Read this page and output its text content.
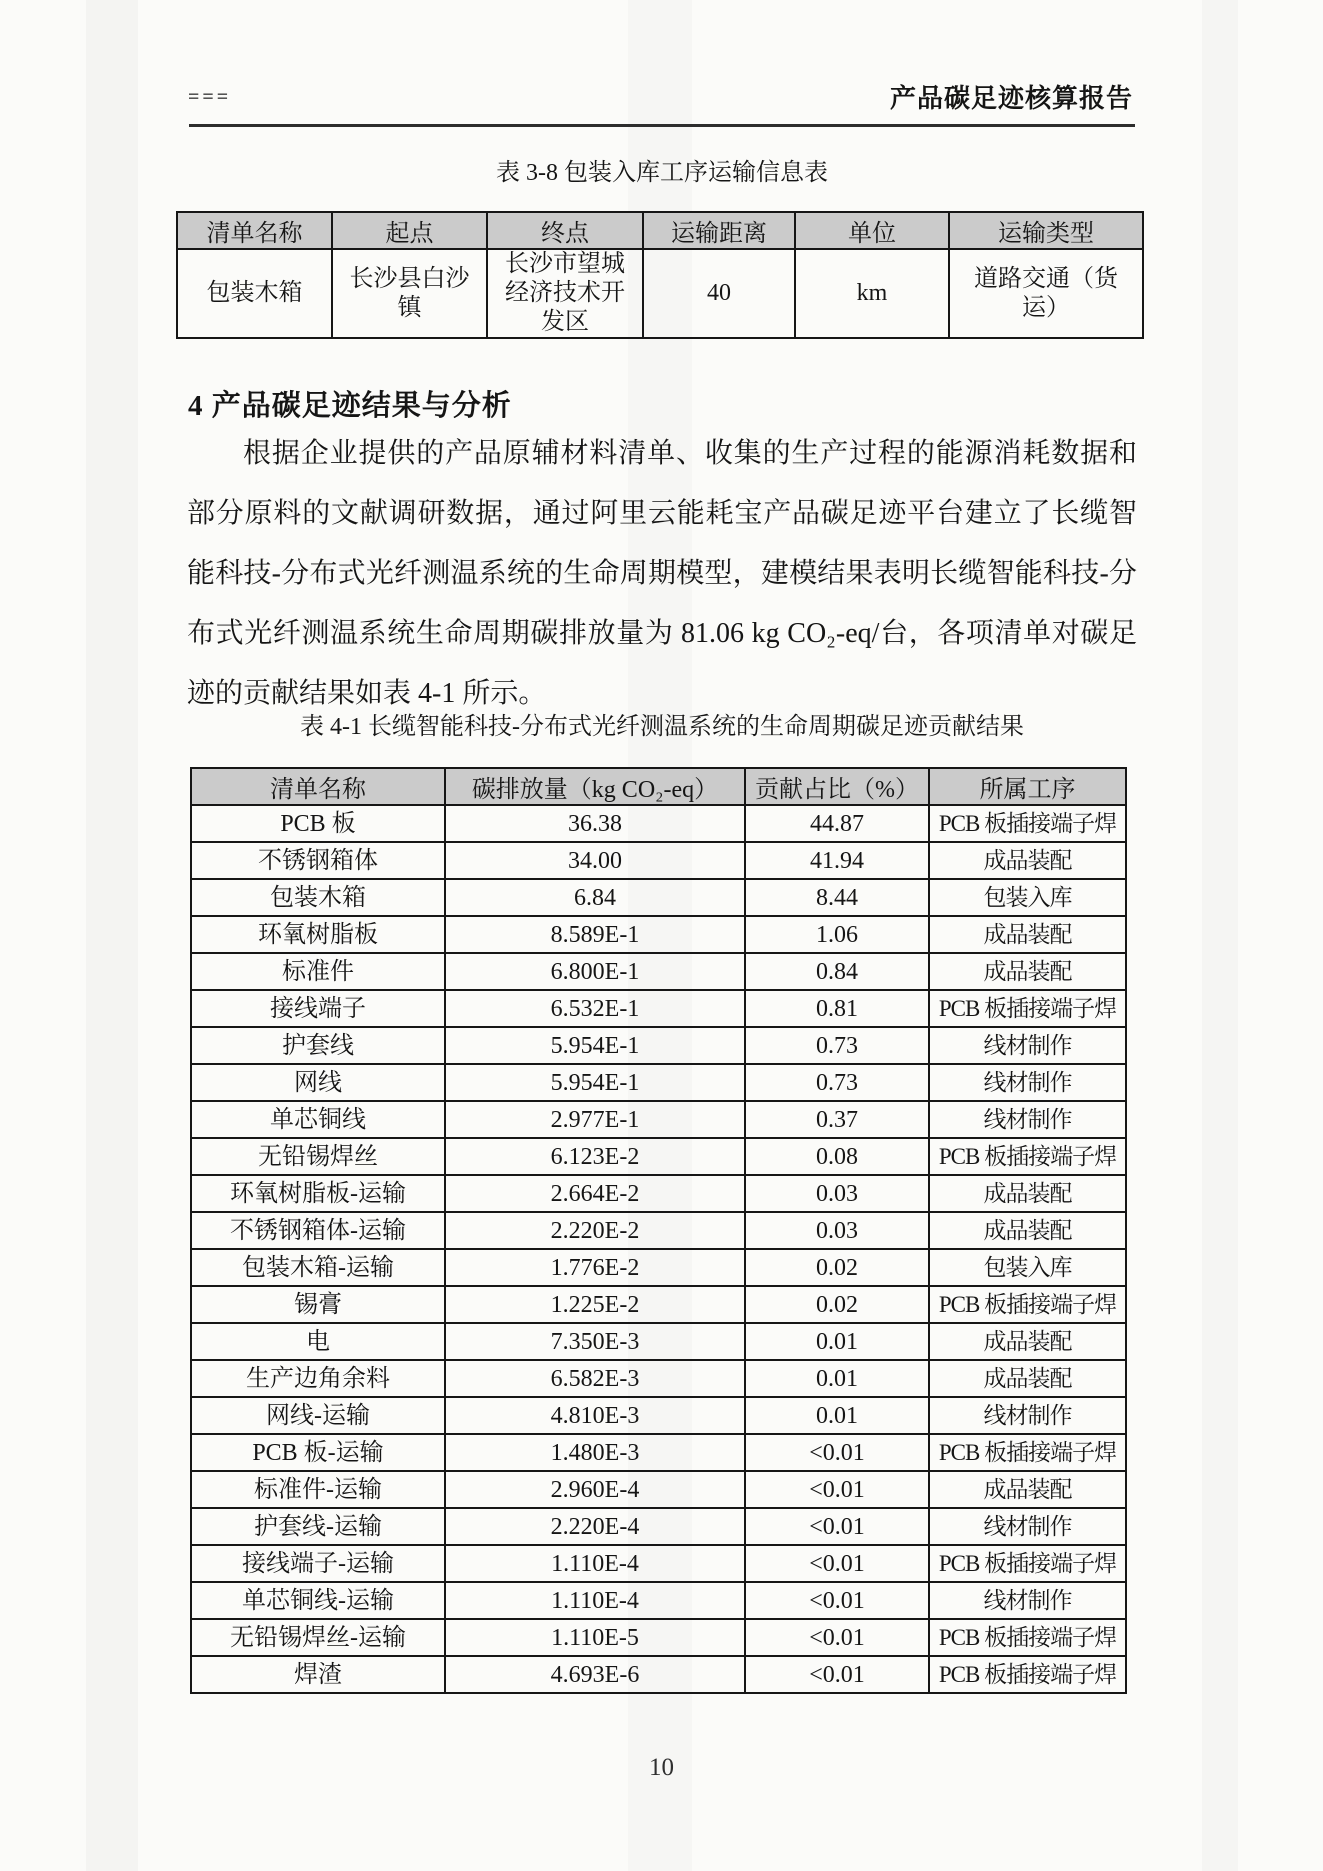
===	产品碳足迹核算报告
表 3-8 包装入库工序运输信息表
清单名称	起点	终点	运输距离	单位	运输类型
包装木箱	长沙县白沙镇	长沙市望城经济技术开发区	40	km	道路交通（货运）
4 产品碳足迹结果与分析
根据企业提供的产品原辅材料清单、收集的生产过程的能源消耗数据和部分原料的文献调研数据，通过阿里云能耗宝产品碳足迹平台建立了长缆智能科技-分布式光纤测温系统的生命周期模型，建模结果表明长缆智能科技-分布式光纤测温系统生命周期碳排放量为 81.06 kg CO₂-eq/台，各项清单对碳足迹的贡献结果如表 4-1 所示。
表 4-1 长缆智能科技-分布式光纤测温系统的生命周期碳足迹贡献结果
清单名称	碳排放量（kg CO₂-eq）	贡献占比（%）	所属工序
PCB 板	36.38	44.87	PCB 板插接端子焊
不锈钢箱体	34.00	41.94	成品装配
包装木箱	6.84	8.44	包装入库
环氧树脂板	8.589E-1	1.06	成品装配
标准件	6.800E-1	0.84	成品装配
接线端子	6.532E-1	0.81	PCB 板插接端子焊
护套线	5.954E-1	0.73	线材制作
网线	5.954E-1	0.73	线材制作
单芯铜线	2.977E-1	0.37	线材制作
无铅锡焊丝	6.123E-2	0.08	PCB 板插接端子焊
环氧树脂板-运输	2.664E-2	0.03	成品装配
不锈钢箱体-运输	2.220E-2	0.03	成品装配
包装木箱-运输	1.776E-2	0.02	包装入库
锡膏	1.225E-2	0.02	PCB 板插接端子焊
电	7.350E-3	0.01	成品装配
生产边角余料	6.582E-3	0.01	成品装配
网线-运输	4.810E-3	0.01	线材制作
PCB 板-运输	1.480E-3	<0.01	PCB 板插接端子焊
标准件-运输	2.960E-4	<0.01	成品装配
护套线-运输	2.220E-4	<0.01	线材制作
接线端子-运输	1.110E-4	<0.01	PCB 板插接端子焊
单芯铜线-运输	1.110E-4	<0.01	线材制作
无铅锡焊丝-运输	1.110E-5	<0.01	PCB 板插接端子焊
焊渣	4.693E-6	<0.01	PCB 板插接端子焊
10
